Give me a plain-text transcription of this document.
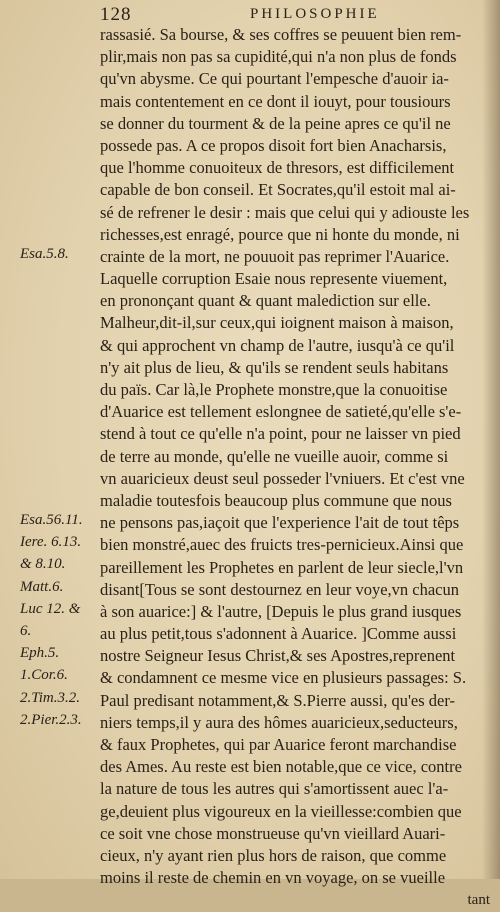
128	PHILOSOPHIE
Esa.5.8.
Esa.56.11.
Iere. 6.13.
& 8.10.
Matt.6.
Luc 12. &
6.
Eph.5.
1.Cor.6.
2.Tim.3.2.
2.Pier.2.3.
rassasié. Sa bourse, & ses coffres se peuuent bien rem-
plir,mais non pas sa cupidité,qui n'a non plus de fonds
qu'vn abysme. Ce qui pourtant l'empesche d'auoir ia-
mais contentement en ce dont il iouyt, pour tousiours
se donner du tourment & de la peine apres ce qu'il ne
possede pas. A ce propos disoit fort bien Anacharsis,
que l'homme conuoiteux de thresors, est difficilement
capable de bon conseil. Et Socrates,qu'il estoit mal ai-
sé de refrener le desir : mais que celui qui y adiouste les
richesses,est enragé, pource que ni honte du monde, ni
crainte de la mort, ne pouuoit pas reprimer l'Auarice.
Laquelle corruption Esaie nous represente viuement,
en prononçant quant & quant malediction sur elle.
Malheur,dit-il,sur ceux,qui ioignent maison à maison,
& qui approchent vn champ de l'autre, iusqu'à ce qu'il
n'y ait plus de lieu, & qu'ils se rendent seuls habitans
du païs. Car là,le Prophete monstre,que la conuoitise
d'Auarice est tellement eslongnee de satieté,qu'elle s'e-
stend à tout ce qu'elle n'a point, pour ne laisser vn pied
de terre au monde, qu'elle ne vueille auoir, comme si
vn auaricieux deust seul posseder l'vniuers. Et c'est vne
maladie toutesfois beaucoup plus commune que nous
ne pensons pas,iaçoit que l'experience l'ait de tout têps
bien monstré,auec des fruicts tres-pernicieux.Ainsi que
pareillement les Prophetes en parlent de leur siecle,l'vn
disant[Tous se sont destournez en leur voye,vn chacun
à son auarice:] & l'autre, [Depuis le plus grand iusques
au plus petit,tous s'adonnent à Auarice. ]Comme aussi
nostre Seigneur Iesus Christ,& ses Apostres,reprenent
& condamnent ce mesme vice en plusieurs passages: S.
Paul predisant notamment,& S.Pierre aussi, qu'es der-
niers temps,il y aura des hômes auaricieux,seducteurs,
& faux Prophetes, qui par Auarice feront marchandise
des Ames. Au reste est bien notable,que ce vice, contre
la nature de tous les autres qui s'amortissent auec l'a-
ge,deuient plus vigoureux en la vieillesse:combien que
ce soit vne chose monstrueuse qu'vn vieillard Auari-
cieux, n'y ayant rien plus hors de raison, que comme
moins il reste de chemin en vn voyage, on se vueille
tant
